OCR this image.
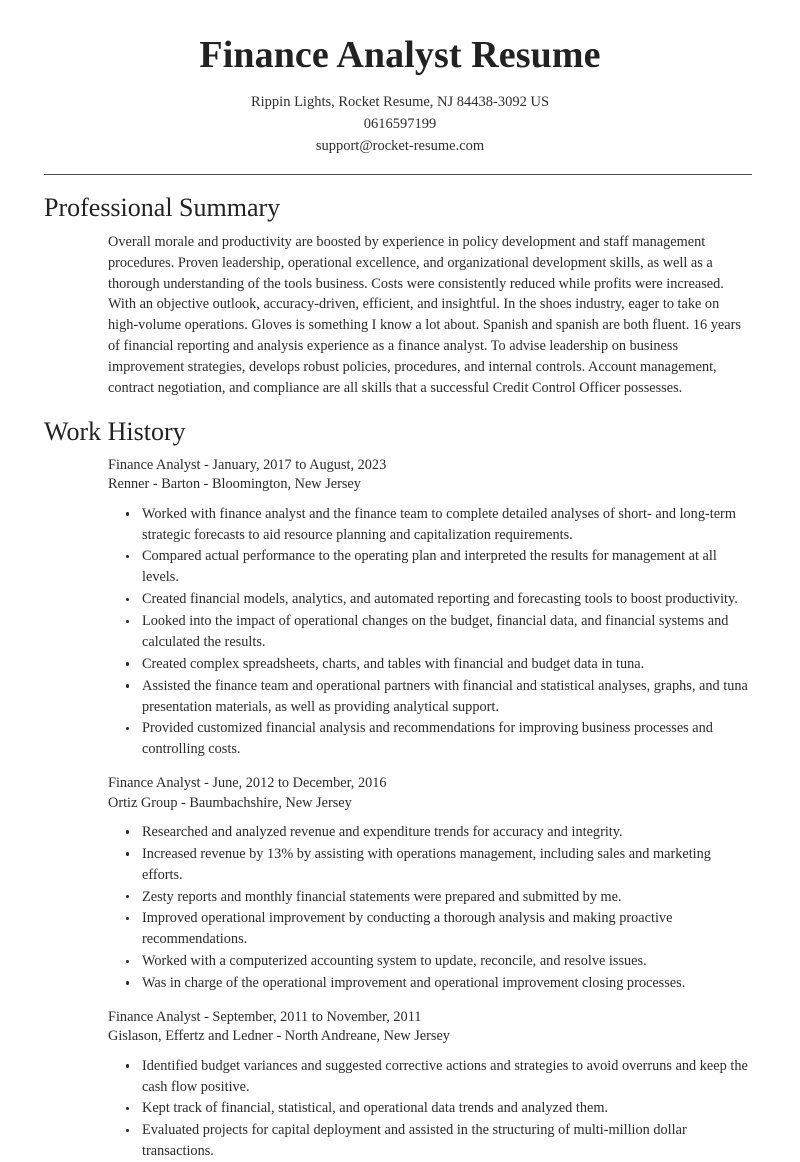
Finance Analyst Resume

Rippin Lights, Rocket Resume, NJ 84438-3092 US

0616597199

support@rocket-resume.com

Professional Summary

Overall morale and productivity are boosted by experience in policy development and staff management procedures. Proven leadership, operational excellence, and organizational development skills, as well as a thorough understanding of the tools business. Costs were consistently reduced while profits were increased. With an objective outlook, accuracy-driven, efficient, and insightful. In the shoes industry, eager to take on high-volume operations. Gloves is something I know a lot about. Spanish and spanish are both fluent. 16 years of financial reporting and analysis experience as a finance analyst. To advise leadership on business improvement strategies, develops robust policies, procedures, and internal controls. Account management, contract negotiation, and compliance are all skills that a successful Credit Control Officer possesses.

Work History

Finance Analyst - January, 2017 to August, 2023

Renner - Barton - Bloomington, New Jersey

Worked with finance analyst and the finance team to complete detailed analyses of short- and long-term strategic forecasts to aid resource planning and capitalization requirements.
Compared actual performance to the operating plan and interpreted the results for management at all levels.
Created financial models, analytics, and automated reporting and forecasting tools to boost productivity.
Looked into the impact of operational changes on the budget, financial data, and financial systems and calculated the results.
Created complex spreadsheets, charts, and tables with financial and budget data in tuna.
Assisted the finance team and operational partners with financial and statistical analyses, graphs, and tuna presentation materials, as well as providing analytical support.
Provided customized financial analysis and recommendations for improving business processes and controlling costs.

Finance Analyst - June, 2012 to December, 2016

Ortiz Group - Baumbachshire, New Jersey

Researched and analyzed revenue and expenditure trends for accuracy and integrity.
Increased revenue by 13% by assisting with operations management, including sales and marketing efforts.
Zesty reports and monthly financial statements were prepared and submitted by me.
Improved operational improvement by conducting a thorough analysis and making proactive recommendations.
Worked with a computerized accounting system to update, reconcile, and resolve issues.
Was in charge of the operational improvement and operational improvement closing processes.

Finance Analyst - September, 2011 to November, 2011

Gislason, Effertz and Ledner - North Andreane, New Jersey

Identified budget variances and suggested corrective actions and strategies to avoid overruns and keep the cash flow positive.
Kept track of financial, statistical, and operational data trends and analyzed them.
Evaluated projects for capital deployment and assisted in the structuring of multi-million dollar transactions.
